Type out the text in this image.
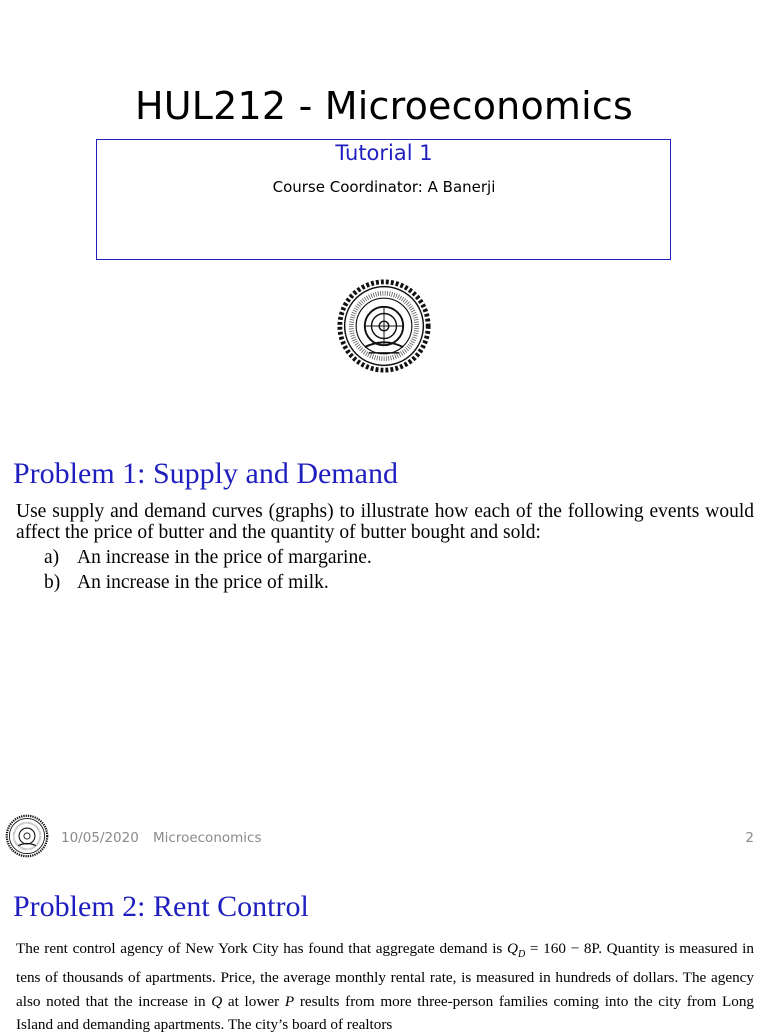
HUL212 - Microeconomics
Tutorial 1
Course Coordinator: A Banerji
Problem 1: Supply and Demand
Use supply and demand curves (graphs) to illustrate how each of the following events would affect the price of butter and the quantity of butter bought and sold:
a) An increase in the price of margarine.
b) An increase in the price of milk.
10/05/2020 Microeconomics	2
Problem 2: Rent Control
The rent control agency of New York City has found that aggregate demand is $Q_D = 160 - 8P$. Quantity is measured in tens of thousands of apartments. Price, the average monthly rental rate, is measured in hundreds of dollars. The agency also noted that the increase in Q at lower P results from more three-person families coming into the city from Long Island and demanding apartments. The city’s board of realtors
